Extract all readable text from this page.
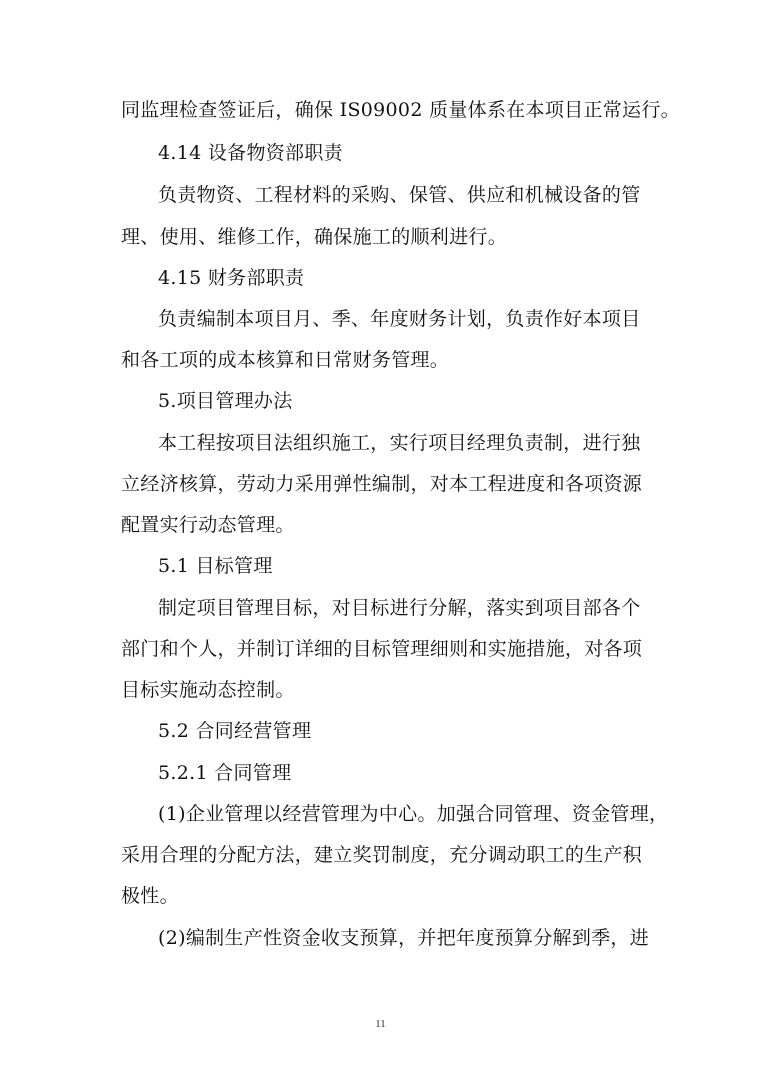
同监理检查签证后，确保 IS09002 质量体系在本项目正常运行。
4.14 设备物资部职责
负责物资、工程材料的采购、保管、供应和机械设备的管
理、使用、维修工作，确保施工的顺利进行。
4.15 财务部职责
负责编制本项目月、季、年度财务计划，负责作好本项目
和各工项的成本核算和日常财务管理。
5.项目管理办法
本工程按项目法组织施工，实行项目经理负责制，进行独
立经济核算，劳动力采用弹性编制，对本工程进度和各项资源
配置实行动态管理。
5.1 目标管理
制定项目管理目标，对目标进行分解，落实到项目部各个
部门和个人，并制订详细的目标管理细则和实施措施，对各项
目标实施动态控制。
5.2 合同经营管理
5.2.1 合同管理
(1)企业管理以经营管理为中心。加强合同管理、资金管理，
采用合理的分配方法，建立奖罚制度，充分调动职工的生产积
极性。
(2)编制生产性资金收支预算，并把年度预算分解到季，进
11
